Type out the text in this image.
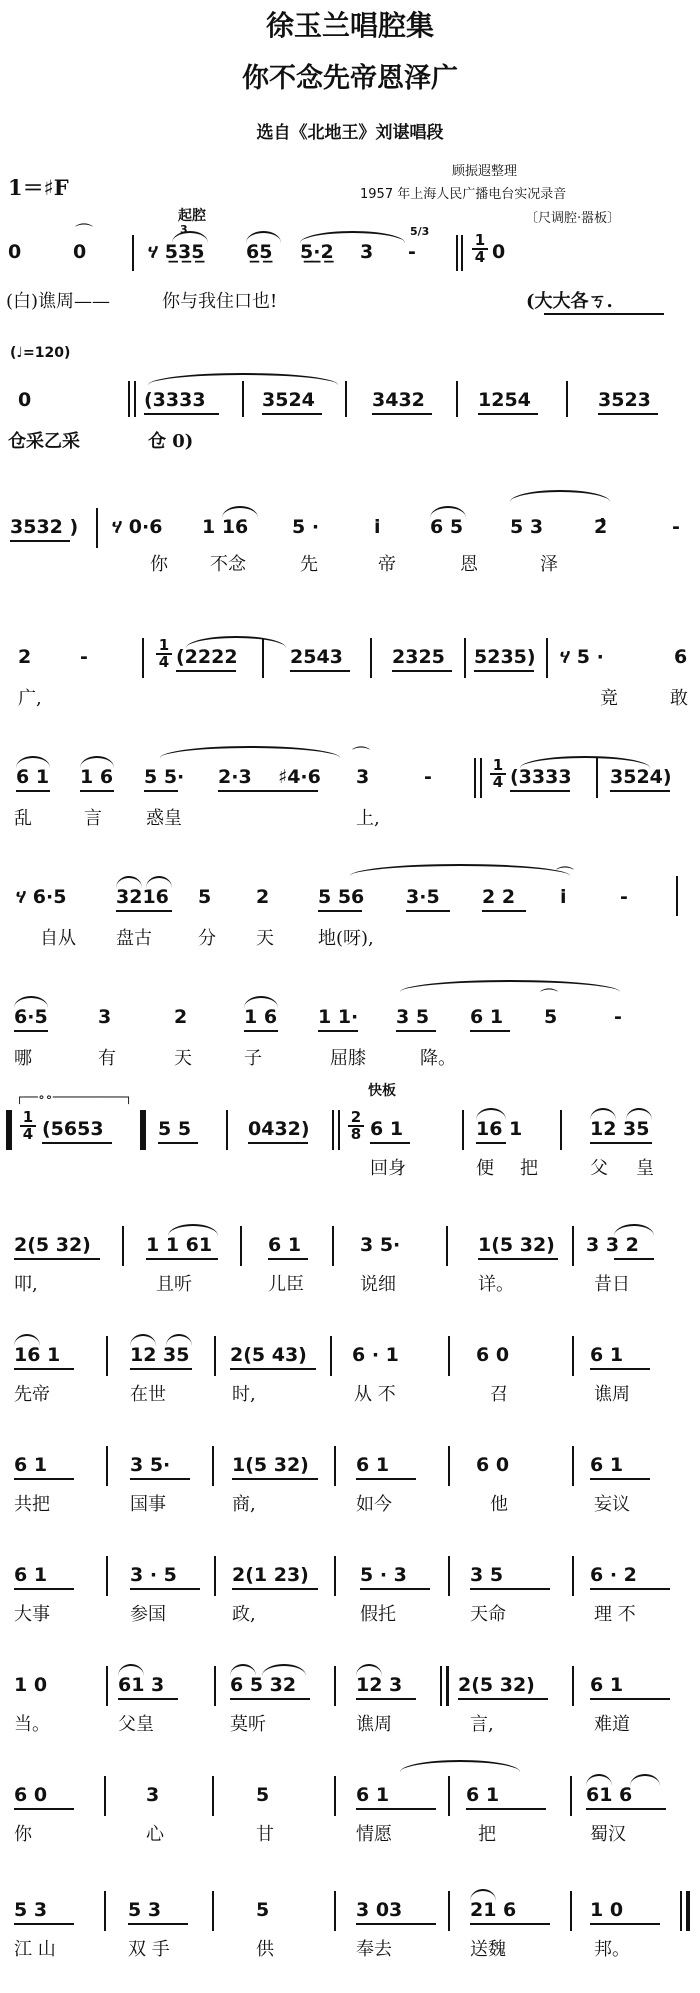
徐玉兰唱腔集
你不念先帝恩泽广
选自《北地王》刘谌唱段
1＝♯F
顾振遐整理
1957 年上海人民广播电台实况录音
起腔
3	5/3
〔尺调腔·嚣板〕
⌒
0	0	ሃ 5̲3̲5̲ 6̲5̲ 5̲·̲2̲ 3 -	$\frac{1}{4} 0$
(白)谯周——	你与我住口也!	(大大各ㄎ.
(♩=120)
0	(3333	3524	3432	1254	3523
仓采乙采	仓 0)
3532 ) ሃ 0·6 1 16 5 ·	i	6 5 5 3	2̂	-
你 不念	先	帝	恩	泽
2	-	$\frac{1}{4} (2222$	2543	2325 5235) ሃ 5 ·	6
广,	竟	敢
6 1 1 6 5 5· 2·3 ♯4·6
⌒
3	-	$\frac{1}{4} (3333$ 3524)
乱	言 惑皇	上,
ሃ 6·5	3216 5 2	5 56 3·5 2 2
⌒
i	-
自从 盘古	分 天 地(呀),
6·5	3	2	1 6 1 1· 3 5 6 1
⌒
5	-
哪	有	天	子	屈膝	降。
快板
┌──∘∘──────────┐
$\frac{1}{4} (5653$	5 5	0432)	$\frac{2}{8} 6$ 1	16 1	12 35
回身	便 把	父 皇
2(5 32)	1 1 61	6 1	3 5·	1(5 32) 3 3 2
叩,	且听	儿臣	说细	详。	昔日
16 1	12 35 2(5 43) 6 · 1	6 0	6 1
先帝	在世	时,	从 不	召	谯周
6 1	3 5·	1(5 32) 6 1	6 0	6 1
共把	国事	商,	如今	他	妄议
6 1	3 · 5	2(1 23)	5 · 3	3 5	6 · 2
大事	参国	政,	假托	天命	理 不
1 0	61 3	6 5 32	12 3	2(5 32)	6 1
当。	父皇	莫听	谯周	言,	难道
6 0	3	5	6 1	6 1	61 6
你	心	甘	情愿	把	蜀汉
5 3	5 3	5	3 03	21 6	1 0
江 山	双 手	供	奉去	送魏	邦。
